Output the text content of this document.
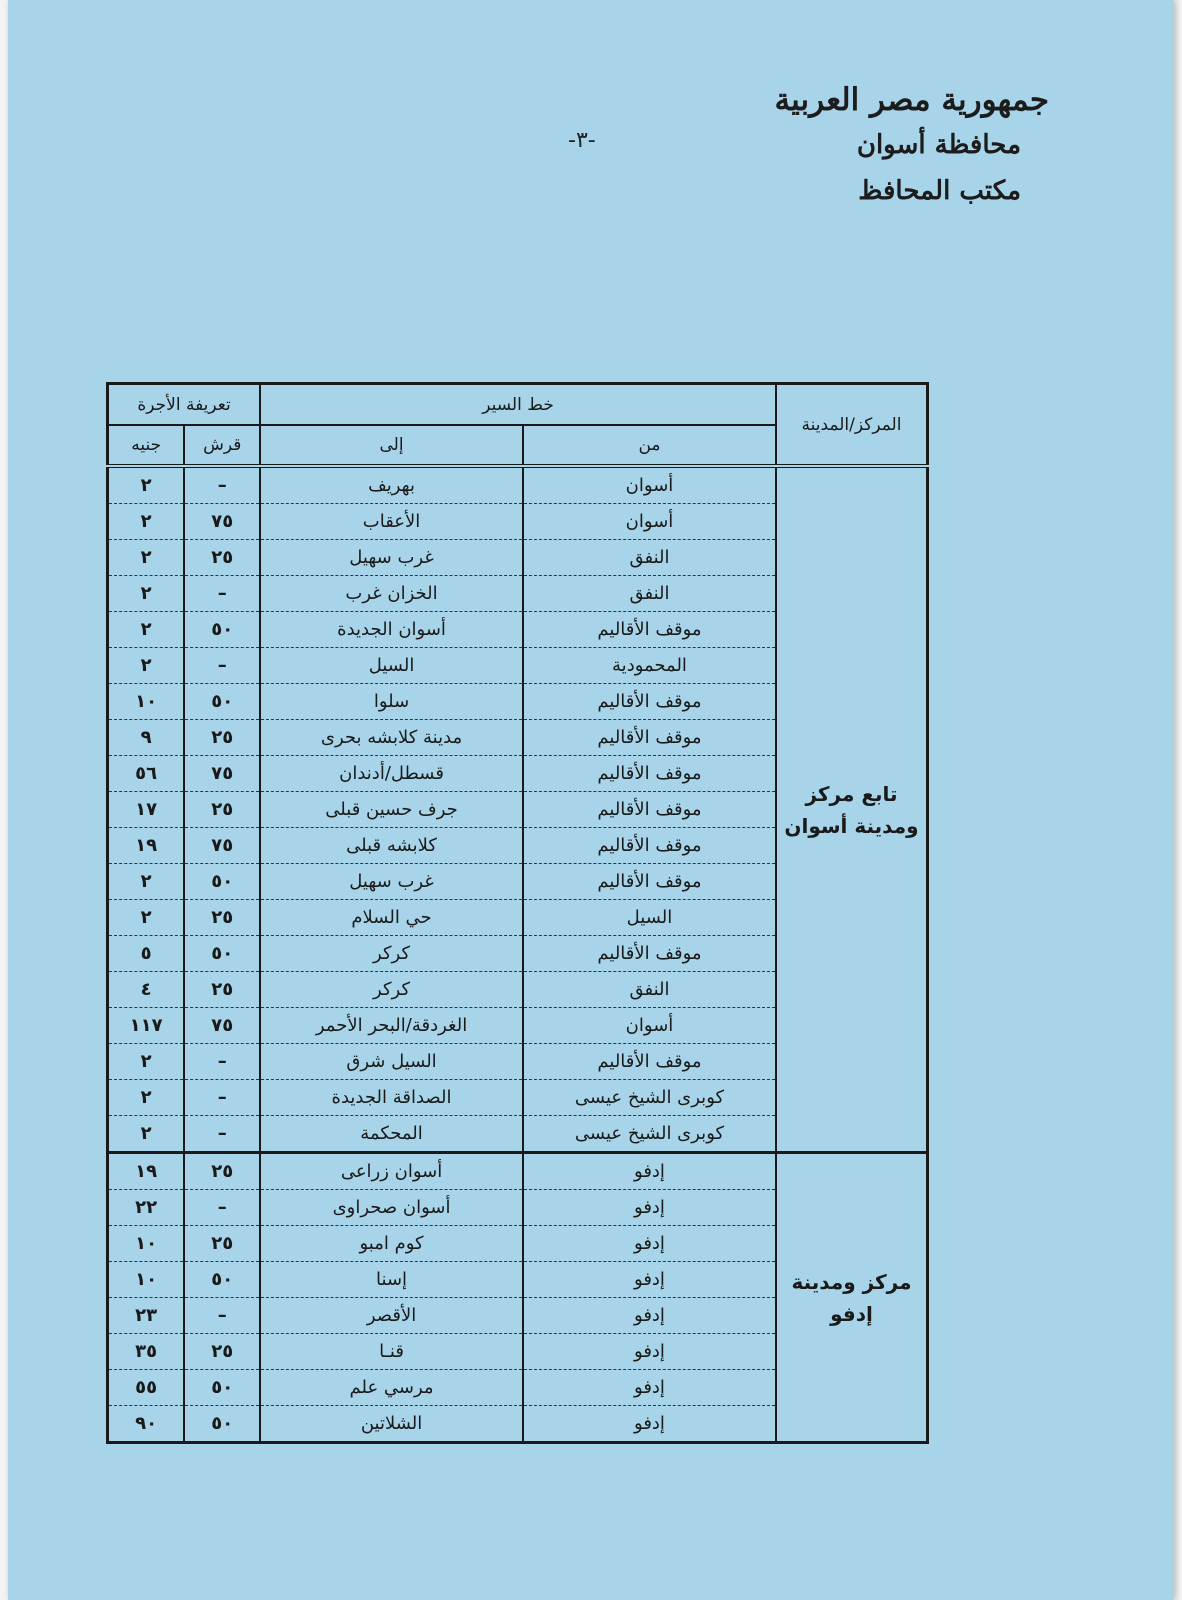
جمهورية مصر العربية
محافظة أسوان
مكتب المحافظ
-٣-
المركز/المدينة	خط السير		تعريفة الأجرة	
	من	إلى	قرش	جنيه
تابع مركز ومدينة أسوان	أسوان	بهريف	–	٢
	أسوان	الأعقاب	٧٥	٢
	النفق	غرب سهيل	٢٥	٢
	النفق	الخزان غرب	–	٢
	موقف الأقاليم	أسوان الجديدة	٥٠	٢
	المحمودية	السيل	–	٢
	موقف الأقاليم	سلوا	٥٠	١٠
	موقف الأقاليم	مدينة كلابشه بحرى	٢٥	٩
	موقف الأقاليم	قسطل/أدندان	٧٥	٥٦
	موقف الأقاليم	جرف حسين قبلى	٢٥	١٧
	موقف الأقاليم	كلابشه قبلى	٧٥	١٩
	موقف الأقاليم	غرب سهيل	٥٠	٢
	السيل	حي السلام	٢٥	٢
	موقف الأقاليم	كركر	٥٠	٥
	النفق	كركر	٢٥	٤
	أسوان	الغردقة/البحر الأحمر	٧٥	١١٧
	موقف الأقاليم	السيل شرق	–	٢
	كوبرى الشيخ عيسى	الصداقة الجديدة	–	٢
	كوبرى الشيخ عيسى	المحكمة	–	٢
مركز ومدينة إدفو	إدفو	أسوان زراعى	٢٥	١٩
	إدفو	أسوان صحراوى	–	٢٢
	إدفو	كوم امبو	٢٥	١٠
	إدفو	إسنا	٥٠	١٠
	إدفو	الأقصر	–	٢٣
	إدفو	قنـا	٢٥	٣٥
	إدفو	مرسي علم	٥٠	٥٥
	إدفو	الشلاتين	٥٠	٩٠
